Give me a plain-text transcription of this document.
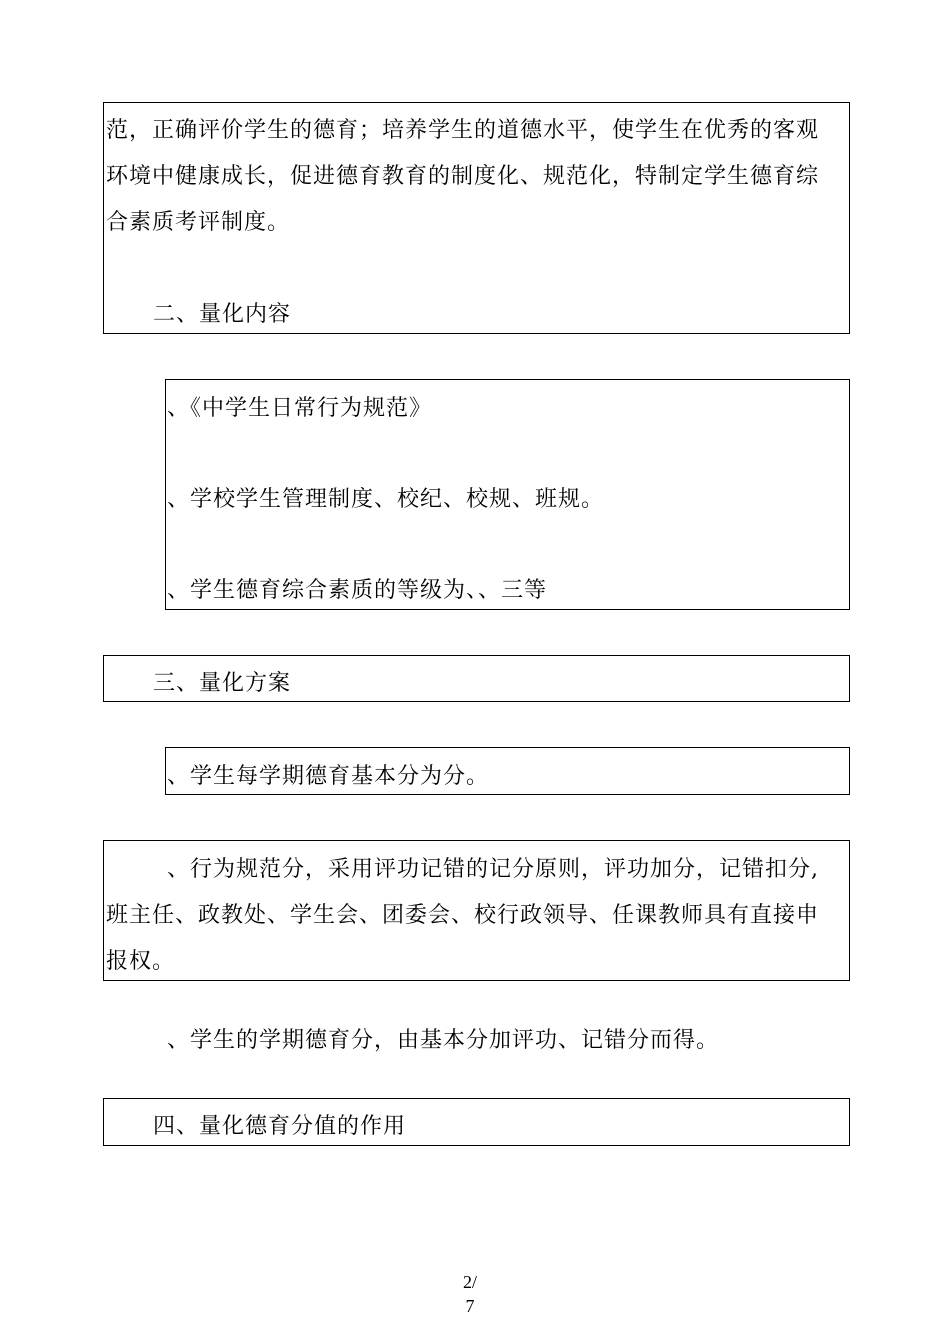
范，正确评价学生的德育；培养学生的道德水平，使学生在优秀的客观
环境中健康成长，促进德育教育的制度化、规范化，特制定学生德育综
合素质考评制度。
二、量化内容
、《中学生日常行为规范》
、学校学生管理制度、校纪、校规、班规。
、学生德育综合素质的等级为、、三等
三、量化方案
、学生每学期德育基本分为分。
、行为规范分，采用评功记错的记分原则，评功加分，记错扣分,
班主任、政教处、学生会、团委会、校行政领导、任课教师具有直接申
报权。
、学生的学期德育分，由基本分加评功、记错分而得。
四、量化德育分值的作用
2/
7
